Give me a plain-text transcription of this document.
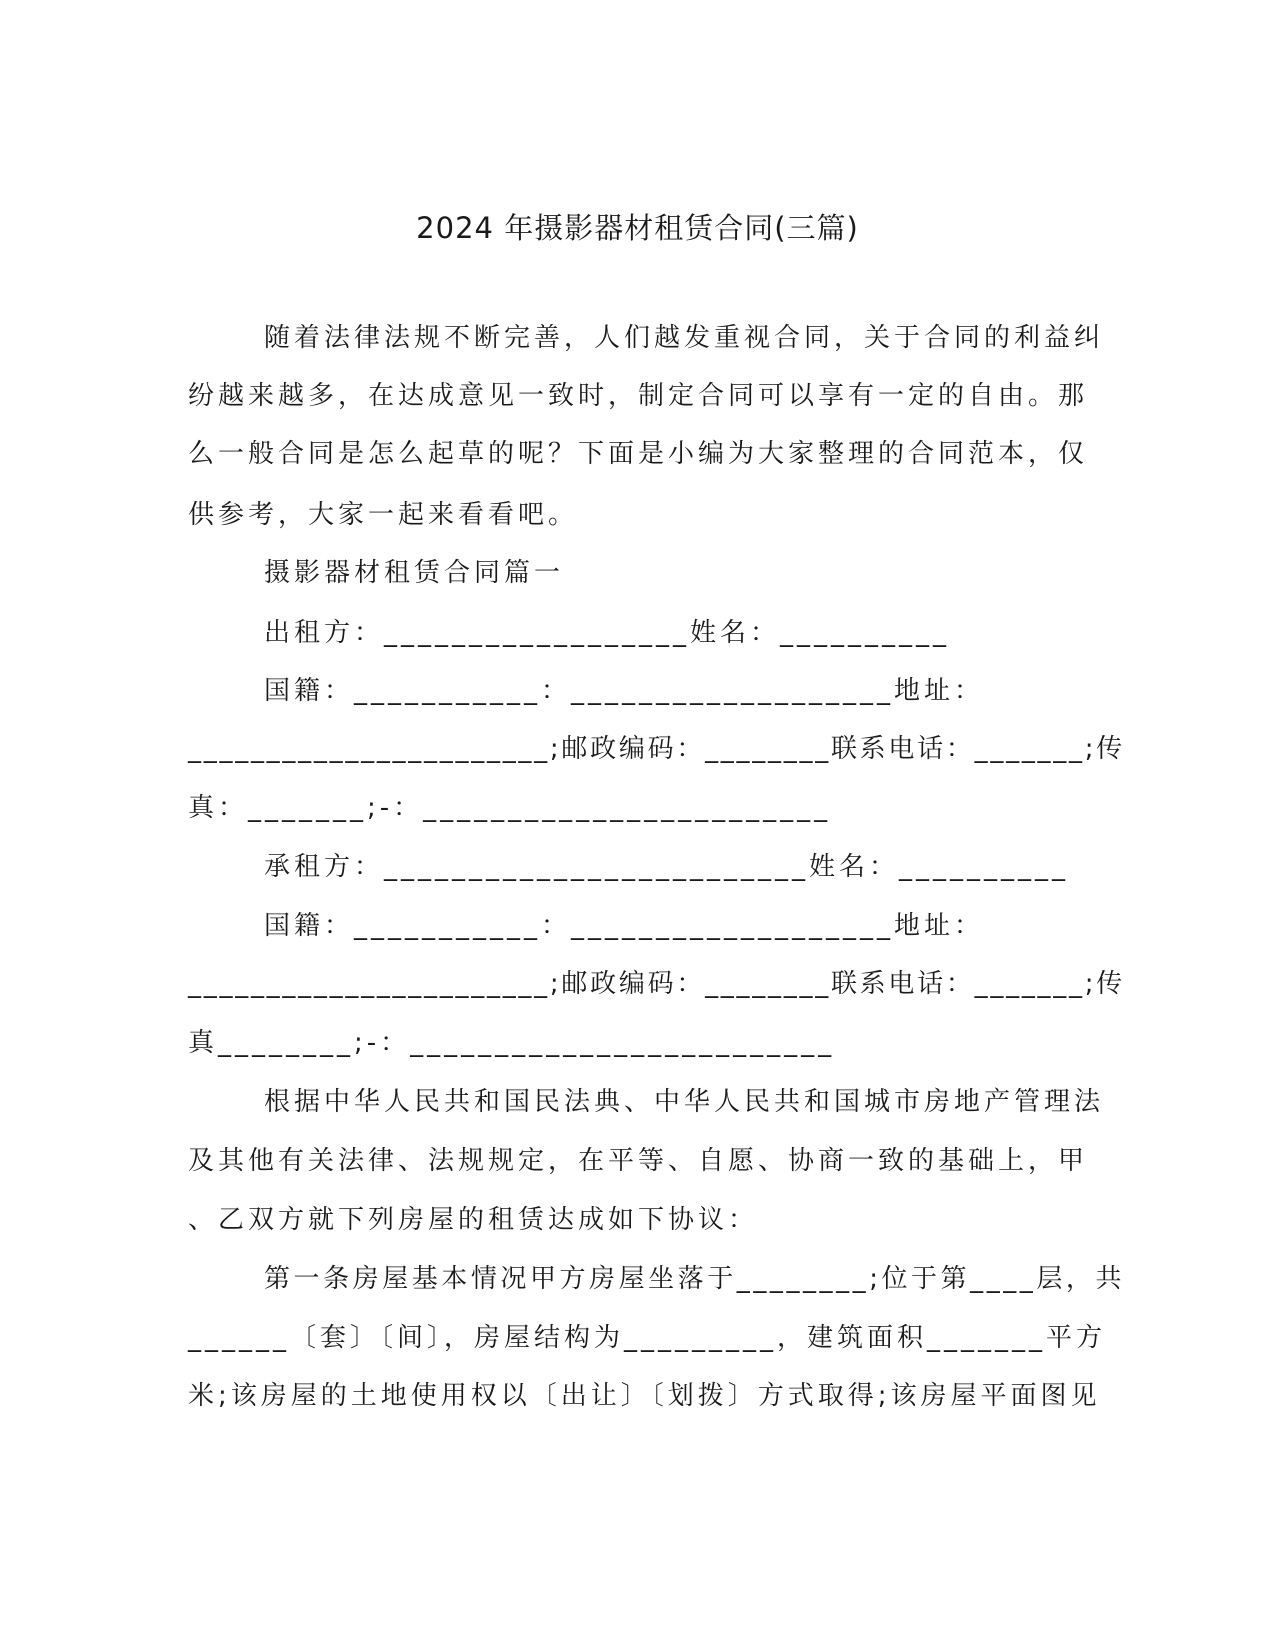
2024 年摄影器材租赁合同(三篇)
随着法律法规不断完善，人们越发重视合同，关于合同的利益纠
纷越来越多，在达成意见一致时，制定合同可以享有一定的自由。那
么一般合同是怎么起草的呢？下面是小编为大家整理的合同范本，仅
供参考，大家一起来看看吧。
摄影器材租赁合同篇一
出租方：__________________姓名：__________
国籍：___________：___________________地址：
_______________________;邮政编码：________联系电话：_______;传
真：_______;-：________________________
承租方：_________________________姓名：__________
国籍：___________：___________________地址：
_______________________;邮政编码：________联系电话：_______;传
真________;-：_________________________
根据中华人民共和国民法典、中华人民共和国城市房地产管理法
及其他有关法律、法规规定，在平等、自愿、协商一致的基础上，甲
、乙双方就下列房屋的租赁达成如下协议：
第一条房屋基本情况甲方房屋坐落于________;位于第____层，共
______〔套〕〔间〕，房屋结构为_________，建筑面积_______平方
米;该房屋的土地使用权以〔出让〕〔划拨〕方式取得;该房屋平面图见
